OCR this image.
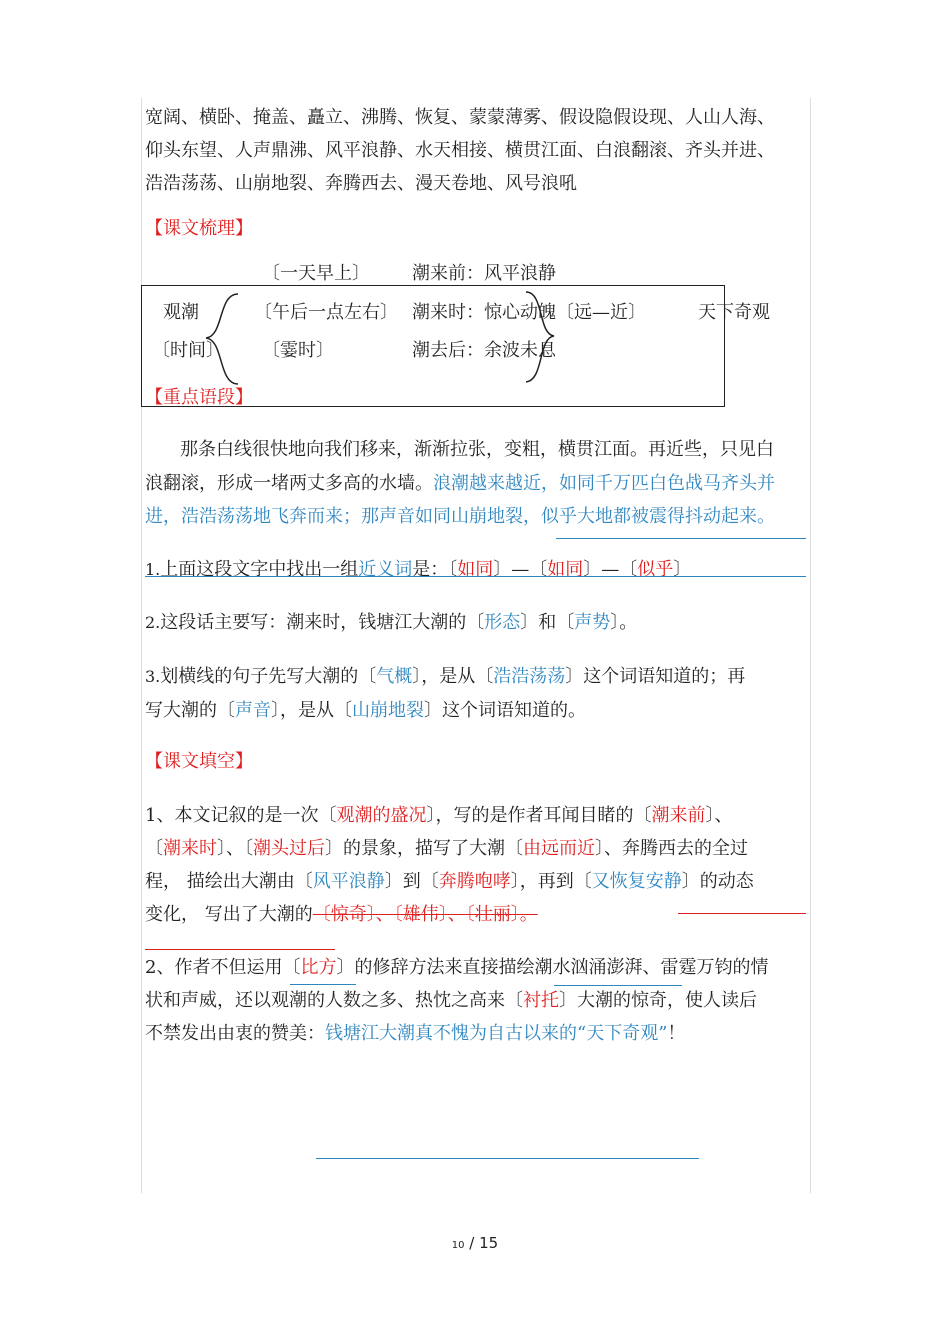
宽阔、横卧、掩盖、矗立、沸腾、恢复、蒙蒙薄雾、假设隐假设现、人山人海、
仰头东望、人声鼎沸、风平浪静、水天相接、横贯江面、白浪翻滚、齐头并进、
浩浩荡荡、山崩地裂、奔腾西去、漫天卷地、风号浪吼
【课文梳理】
〔一天早上〕 潮来前：风平浪静
观潮
〔时间〕
〔午后一点左右〕 潮来时：惊心动魄〔远—近〕	天下奇观
〔霎时〕	潮去后：余波未息
【重点语段】
那条白线很快地向我们移来，渐渐拉张，变粗，横贯江面。再近些，只见白
浪翻滚，形成一堵两丈多高的水墙。浪潮越来越近，如同千万匹白色战马齐头并
进，浩浩荡荡地飞奔而来；那声音如同山崩地裂，似乎大地都被震得抖动起来。
1.上面这段文字中找出一组近义词是：〔如同〕—〔如同〕—〔似乎〕
2.这段话主要写：潮来时，钱塘江大潮的〔形态〕和〔声势〕。
3.划横线的句子先写大潮的〔气概〕，是从〔浩浩荡荡〕这个词语知道的；再
写大潮的〔声音〕，是从〔山崩地裂〕这个词语知道的。
【课文填空】
1、本文记叙的是一次〔观潮的盛况〕，写的是作者耳闻目睹的〔潮来前〕、
〔潮来时〕、〔潮头过后〕的景象，描写了大潮〔由远而近〕、奔腾西去的全过
程， 描绘出大潮由〔风平浪静〕到〔奔腾咆哮〕，再到〔又恢复安静〕的动态
变化， 写出了大潮的〔惊奇〕、〔雄伟〕、〔壮丽〕。
2、作者不但运用〔比方〕的修辞方法来直接描绘潮水汹涌澎湃、雷霆万钧的情
状和声威，还以观潮的人数之多、热忱之高来〔衬托〕大潮的惊奇，使人读后
不禁发出由衷的赞美：钱塘江大潮真不愧为自古以来的“天下奇观”！
10 / 15
